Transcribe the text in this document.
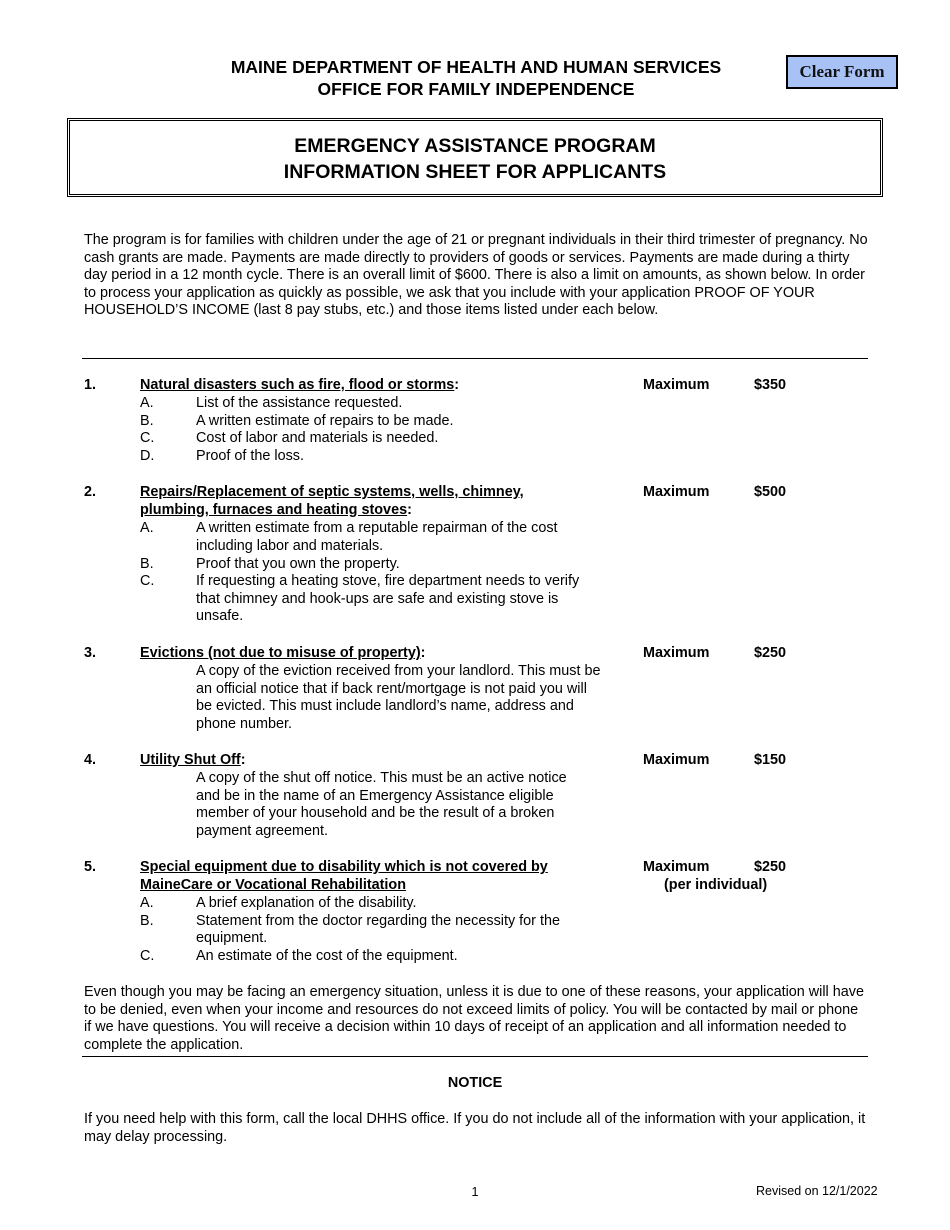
MAINE DEPARTMENT OF HEALTH AND HUMAN SERVICES
OFFICE FOR FAMILY INDEPENDENCE
Clear Form
EMERGENCY ASSISTANCE PROGRAM
INFORMATION SHEET FOR APPLICANTS
The program is for families with children under the age of 21 or pregnant individuals in their third trimester of pregnancy. No cash grants are made. Payments are made directly to providers of goods or services. Payments are made during a thirty day period in a 12 month cycle. There is an overall limit of $600. There is also a limit on amounts, as shown below. In order to process your application as quickly as possible, we ask that you include with your application PROOF OF YOUR HOUSEHOLD’S INCOME (last 8 pay stubs, etc.) and those items listed under each below.
1.	Natural disasters such as fire, flood or storms:	Maximum	$350
A.	List of the assistance requested.
B.	A written estimate of repairs to be made.
C.	Cost of labor and materials is needed.
D.	Proof of the loss.
2.	Repairs/Replacement of septic systems, wells, chimney, plumbing, furnaces and heating stoves:
Maximum	$500
A.	A written estimate from a reputable repairman of the cost including labor and materials.
B.	Proof that you own the property.
C.	If requesting a heating stove, fire department needs to verify that chimney and hook-ups are safe and existing stove is unsafe.
3.	Evictions (not due to misuse of property):	Maximum	$250
A copy of the eviction received from your landlord. This must be an official notice that if back rent/mortgage is not paid you will be evicted. This must include landlord’s name, address and phone number.
4.	Utility Shut Off:	Maximum	$150
A copy of the shut off notice. This must be an active notice and be in the name of an Emergency Assistance eligible member of your household and be the result of a broken payment agreement.
5.	Special equipment due to disability which is not covered by MaineCare or Vocational Rehabilitation
Maximum	$250
(per individual)
A.	A brief explanation of the disability.
B.	Statement from the doctor regarding the necessity for the equipment.
C.	An estimate of the cost of the equipment.
Even though you may be facing an emergency situation, unless it is due to one of these reasons, your application will have to be denied, even when your income and resources do not exceed limits of policy. You will be contacted by mail or phone if we have questions. You will receive a decision within 10 days of receipt of an application and all information needed to complete the application.
NOTICE
If you need help with this form, call the local DHHS office. If you do not include all of the information with your application, it may delay processing.
1	Revised on 12/1/2022
